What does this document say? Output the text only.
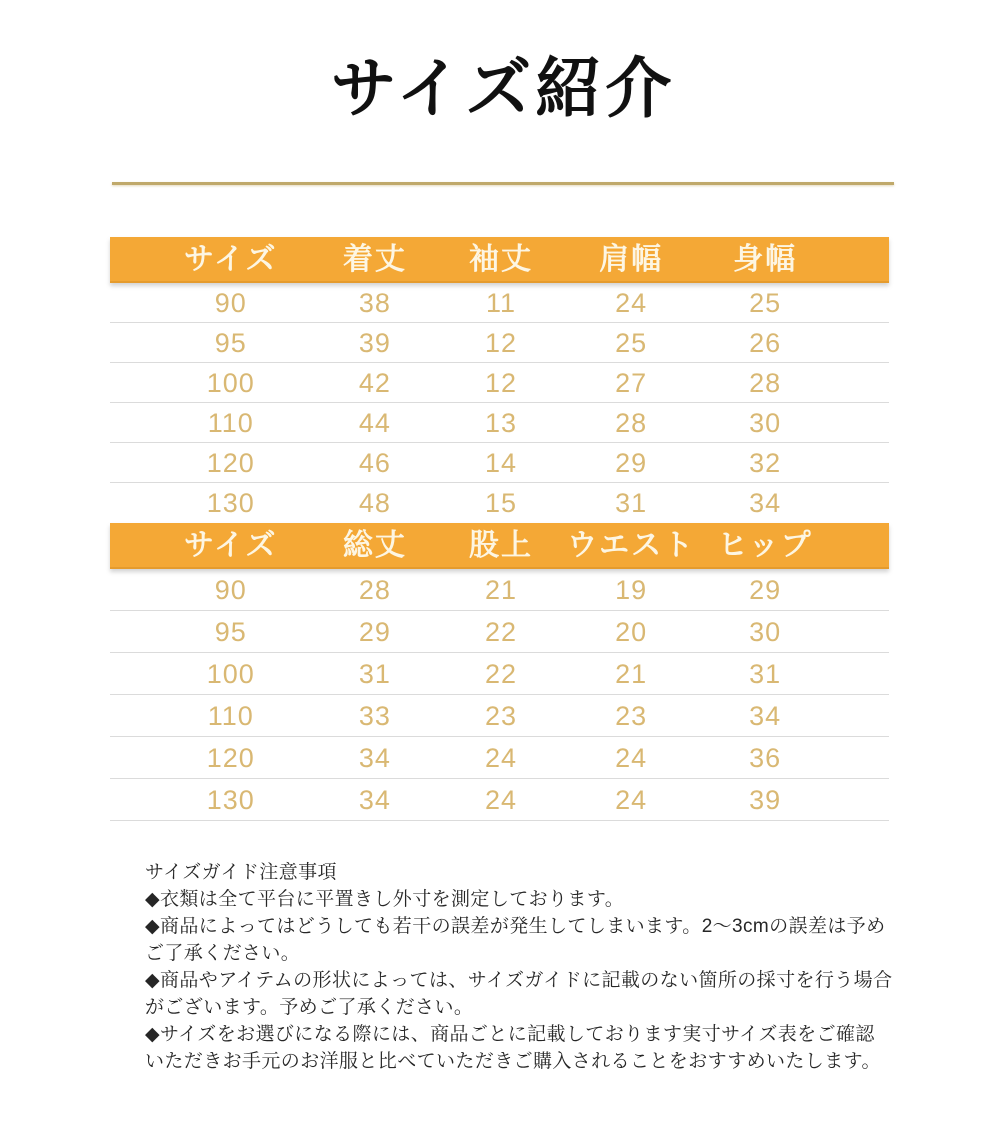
サイズ紹介
サイズ 着丈 袖丈 肩幅 身幅
90	38	11	24	25
95	39	12	25	26
100	42	12	27	28
110	44	13	28	30
120	46	14	29	32
130	48	15	31	34
サイズ 総丈 股上 ウエスト ヒップ
90	28	21	19	29
95	29	22	20	30
100	31	22	21	31
110	33	23	23	34
120	34	24	24	36
130	34	24	24	39

サイズガイド注意事項

◆衣類は全て平台に平置きし外寸を測定しております。

◆商品によってはどうしても若干の誤差が発生してしまいます。2～3cmの誤差は予めご了承ください。

◆商品やアイテムの形状によっては、サイズガイドに記載のない箇所の採寸を行う場合がございます。予めご了承ください。

◆サイズをお選びになる際には、商品ごとに記載しております実寸サイズ表をご確認いただきお手元のお洋服と比べていただきご購入されることをおすすめいたします。
